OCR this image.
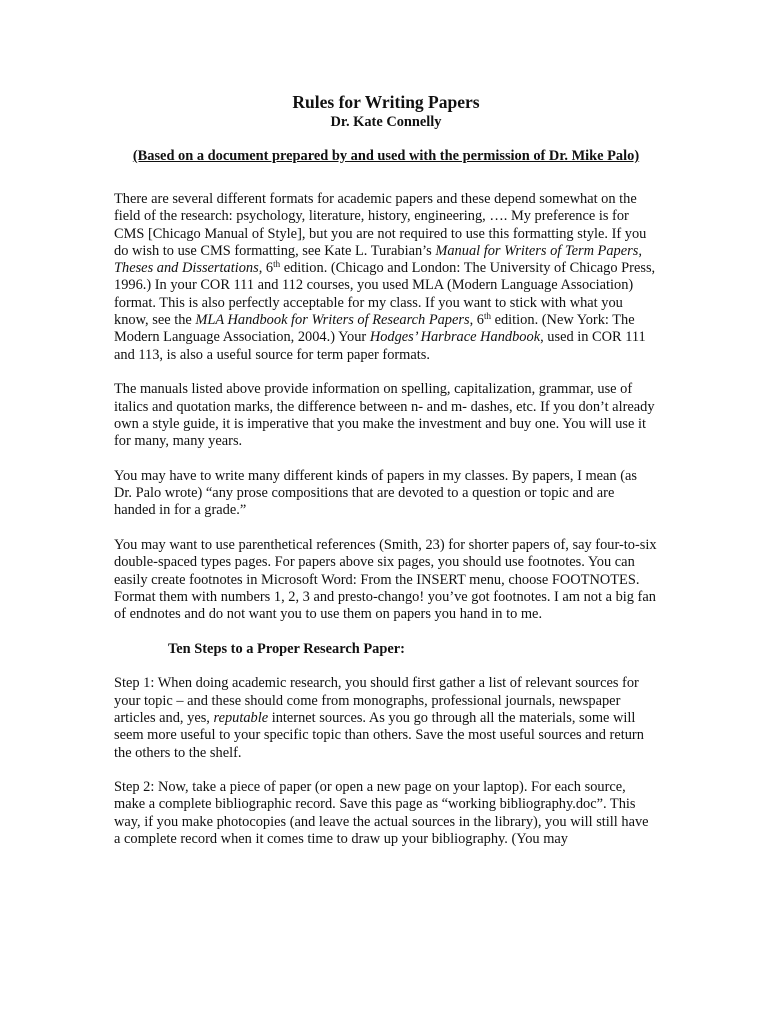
Rules for Writing Papers
Dr. Kate Connelly
(Based on a document prepared by and used with the permission of Dr. Mike Palo)

There are several different formats for academic papers and these depend somewhat on the field of the research: psychology, literature, history, engineering, …. My preference is for CMS [Chicago Manual of Style], but you are not required to use this formatting style. If you do wish to use CMS formatting, see Kate L. Turabian’s Manual for Writers of Term Papers, Theses and Dissertations, 6th edition. (Chicago and London: The University of Chicago Press, 1996.) In your COR 111 and 112 courses, you used MLA (Modern Language Association) format. This is also perfectly acceptable for my class. If you want to stick with what you know, see the MLA Handbook for Writers of Research Papers, 6th edition. (New York: The Modern Language Association, 2004.) Your Hodges’ Harbrace Handbook, used in COR 111 and 113, is also a useful source for term paper formats.

The manuals listed above provide information on spelling, capitalization, grammar, use of italics and quotation marks, the difference between n- and m- dashes, etc. If you don’t already own a style guide, it is imperative that you make the investment and buy one. You will use it for many, many years.

You may have to write many different kinds of papers in my classes. By papers, I mean (as Dr. Palo wrote) “any prose compositions that are devoted to a question or topic and are handed in for a grade.”

You may want to use parenthetical references (Smith, 23) for shorter papers of, say four-to-six double-spaced types pages. For papers above six pages, you should use footnotes. You can easily create footnotes in Microsoft Word: From the INSERT menu, choose FOOTNOTES. Format them with numbers 1, 2, 3 and presto-chango! you’ve got footnotes. I am not a big fan of endnotes and do not want you to use them on papers you hand in to me.

Ten Steps to a Proper Research Paper:

Step 1: When doing academic research, you should first gather a list of relevant sources for your topic – and these should come from monographs, professional journals, newspaper articles and, yes, reputable internet sources. As you go through all the materials, some will seem more useful to your specific topic than others. Save the most useful sources and return the others to the shelf.

Step 2: Now, take a piece of paper (or open a new page on your laptop). For each source, make a complete bibliographic record. Save this page as “working bibliography.doc”. This way, if you make photocopies (and leave the actual sources in the library), you will still have a complete record when it comes time to draw up your bibliography. (You may
